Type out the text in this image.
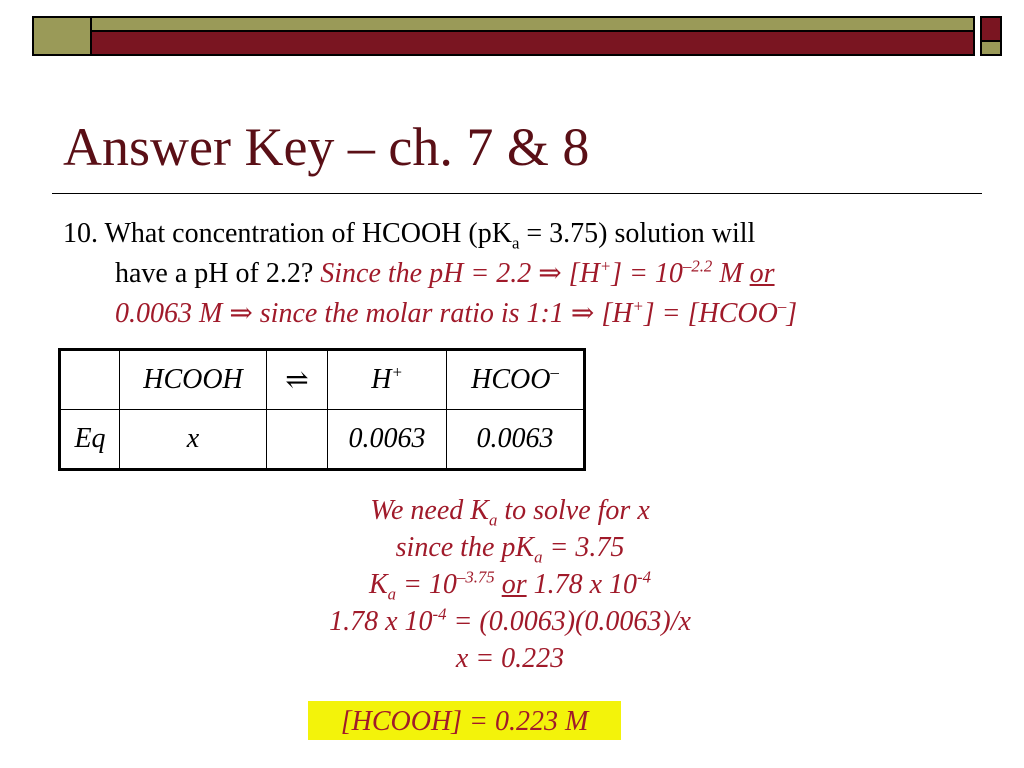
Answer Key – ch. 7 & 8
10. What concentration of HCOOH $(pK_a = 3.75)$ solution will
have a pH of 2.2? Since the pH = 2.2 ⇒ $[H^+] = 10^{-2.2}$ M or
0.0063 M ⇒ since the molar ratio is 1:1 ⇒ [H+] = [HCOO–]
	HCOOH	⇌	H+	HCOO–
Eq	x		0.0063	0.0063
We need $K_a$ to solve for x
since the $pK_a = 3.75$
$K_a = 10^{-3.75}$ or 1.78 x $10^{-4}$
1.78 x $10^{-4} = (0.0063)(0.0063)/x$
x = 0.223
[HCOOH] = 0.223 M
